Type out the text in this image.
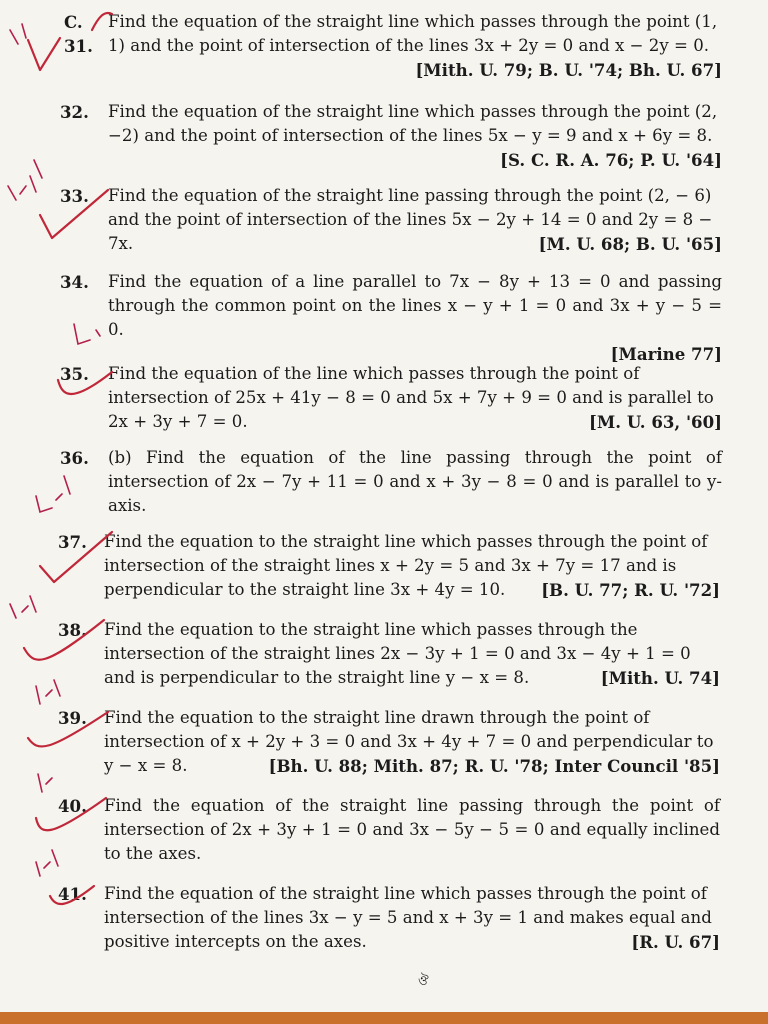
C. 31.
Find the equation of the straight line which passes through the point (1, 1) and the point of intersection of the lines 3x + 2y = 0 and x − 2y = 0.
[Mith. U. 79; B. U. '74; Bh. U. 67]
32.	Find the equation of the straight line which passes through the point (2, −2) and the point of intersection of the lines 5x − y = 9 and x + 6y = 8.
[S. C. R. A. 76; P. U. '64]
33.	Find the equation of the straight line passing through the point (2, − 6) and the point of intersection of the lines 5x − 2y + 14 = 0 and 2y = 8 − 7x.	[M. U. 68; B. U. '65]
34.	Find the equation of a line parallel to 7x − 8y + 13 = 0 and passing through the common point on the lines x − y + 1 = 0 and 3x + y − 5 = 0.
[Marine 77]
35.	Find the equation of the line which passes through the point of intersection of 25x + 41y − 8 = 0 and 5x + 7y + 9 = 0 and is parallel to 2x + 3y + 7 = 0.	[M. U. 63, '60]
36.	(b) Find the equation of the line passing through the point of intersection of 2x − 7y + 11 = 0 and x + 3y − 8 = 0 and is parallel to y-axis.
37.	Find the equation to the straight line which passes through the point of intersection of the straight lines x + 2y = 5 and 3x + 7y = 17 and is perpendicular to the straight line 3x + 4y = 10. [B. U. 77; R. U. '72]
38.	Find the equation to the straight line which passes through the intersection of the straight lines 2x − 3y + 1 = 0 and 3x − 4y + 1 = 0 and is perpendicular to the straight line y − x = 8.	[Mith. U. 74]
39.	Find the equation to the straight line drawn through the point of intersection of x + 2y + 3 = 0 and 3x + 4y + 7 = 0 and perpendicular to y − x = 8.	[Bh. U. 88; Mith. 87; R. U. '78; Inter Council '85]
40.	Find the equation of the straight line passing through the point of intersection of 2x + 3y + 1 = 0 and 3x − 5y − 5 = 0 and equally inclined to the axes.
41.	Find the equation of the straight line which passes through the point of intersection of the lines 3x − y = 5 and x + 3y = 1 and makes equal and positive intercepts on the axes.	[R. U. 67]
ঔ
